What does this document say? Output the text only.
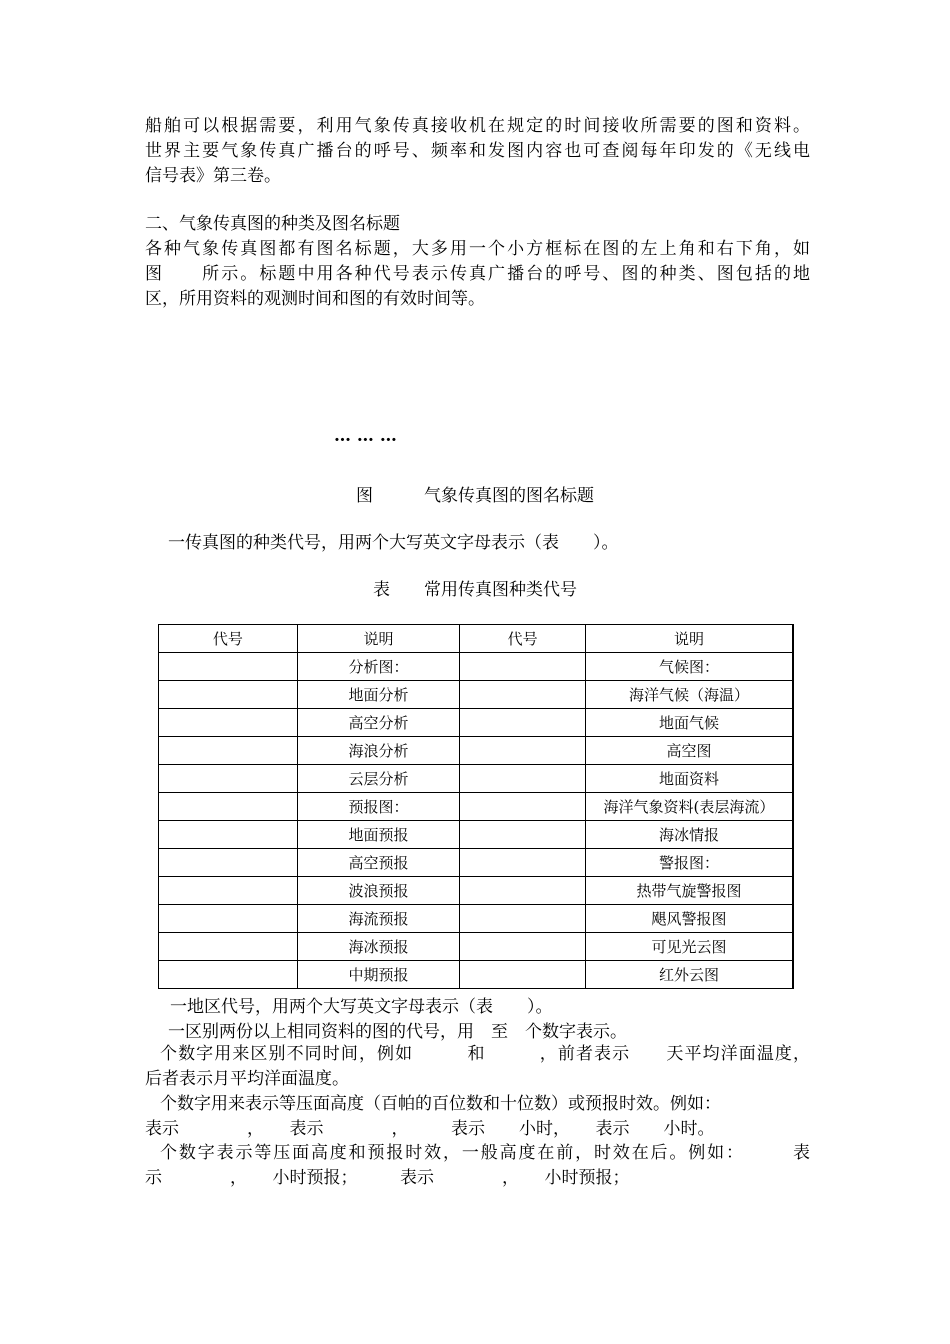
船舶可以根据需要，利用气象传真接收机在规定的时间接收所需要的图和资料。
世界主要气象传真广播台的呼号、频率和发图内容也可查阅每年印发的《无线电
信号表》第三卷。
二、气象传真图的种类及图名标题
各种气象传真图都有图名标题，大多用一个小方框标在图的左上角和右下角，如
图　　所示。标题中用各种代号表示传真广播台的呼号、图的种类、图包括的地
区，所用资料的观测时间和图的有效时间等。
… … …
图　　　气象传真图的图名标题
一传真图的种类代号，用两个大写英文字母表示（表　　）。
表　　常用传真图种类代号
代号	说明	代号	说明
	分析图：		气候图：
	地面分析		海洋气候（海温）
	高空分析		地面气候
	海浪分析		高空图
	云层分析		地面资料
	预报图：		海洋气象资料(表层海流）
	地面预报		海冰情报
	高空预报		警报图：
	波浪预报		热带气旋警报图
	海流预报		飓风警报图
	海冰预报		可见光云图
	中期预报		红外云图
一地区代号，用两个大写英文字母表示（表　　）。
一区别两份以上相同资料的图的代号，用　至　个数字表示。
个数字用来区别不同时间，例如　　　和　　　，前者表示　　天平均洋面温度，
后者表示月平均洋面温度。
个数字用来表示等压面高度（百帕的百位数和十位数）或预报时效。例如：
表示　　　　，　　表示　　　　，　　　表示　　小时，　　表示　　小时。
个数字表示等压面高度和预报时效，一般高度在前，时效在后。例如：　　　表
示　　　　，　　小时预报；　　　表示　　　　，　　小时预报；
